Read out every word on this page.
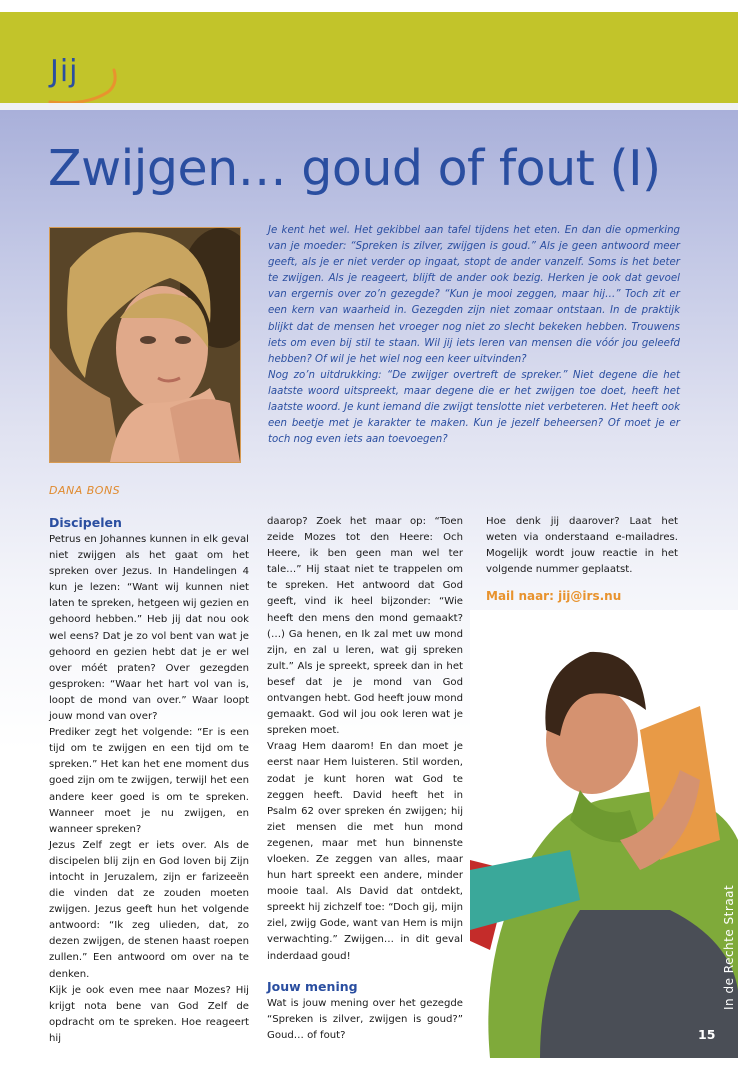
Jij
Zwijgen… goud of fout (I)

Je kent het wel. Het gekibbel aan tafel tijdens het eten. En dan die opmerking van je moeder: “Spreken is zilver, zwijgen is goud.” Als je geen antwoord meer geeft, als je er niet verder op ingaat, stopt de ander vanzelf. Soms is het beter te zwijgen. Als je reageert, blijft de ander ook bezig. Herken je ook dat gevoel van ergernis over zo’n gezegde? “Kun je mooi zeggen, maar hij…” Toch zit er een kern van waarheid in. Gezegden zijn niet zomaar ontstaan. In de praktijk blijkt dat de mensen het vroeger nog niet zo slecht bekeken hebben. Trouwens iets om even bij stil te staan. Wil jij iets leren van mensen die vóór jou geleefd hebben? Of wil je het wiel nog een keer uitvinden?

Nog zo’n uitdrukking: “De zwijger overtreft de spreker.” Niet degene die het laatste woord uitspreekt, maar degene die er het zwijgen toe doet, heeft het laatste woord. Je kunt iemand die zwijgt tenslotte niet verbeteren. Het heeft ook een beetje met je karakter te maken. Kun je jezelf beheersen? Of moet je er toch nog even iets aan toevoegen?

DANA BONS
Discipelen

Petrus en Johannes kunnen in elk geval niet zwijgen als het gaat om het spreken over Jezus. In Handelingen 4 kun je lezen: “Want wij kunnen niet laten te spreken, hetgeen wij gezien en gehoord hebben.” Heb jij dat nou ook wel eens? Dat je zo vol bent van wat je gehoord en gezien hebt dat je er wel over móét praten? Over gezegden gesproken: “Waar het hart vol van is, loopt de mond van over.” Waar loopt jouw mond van over?

Prediker zegt het volgende: “Er is een tijd om te zwijgen en een tijd om te spreken.” Het kan het ene moment dus goed zijn om te zwijgen, terwijl het een andere keer goed is om te spreken. Wanneer moet je nu zwijgen, en wanneer spreken?

Jezus Zelf zegt er iets over. Als de discipelen blij zijn en God loven bij Zijn intocht in Jeruzalem, zijn er farizeeën die vinden dat ze zouden moeten zwijgen. Jezus geeft hun het volgende antwoord: “Ik zeg ulieden, dat, zo dezen zwijgen, de stenen haast roepen zullen.” Een antwoord om over na te denken.

Kijk je ook even mee naar Mozes? Hij krijgt nota bene van God Zelf de opdracht om te spreken. Hoe reageert hij

daarop? Zoek het maar op: “Toen zeide Mozes tot den Heere: Och Heere, ik ben geen man wel ter tale…” Hij staat niet te trappelen om te spreken. Het antwoord dat God geeft, vind ik heel bijzonder: “Wie heeft den mens den mond gemaakt? (…) Ga henen, en Ik zal met uw mond zijn, en zal u leren, wat gij spreken zult.” Als je spreekt, spreek dan in het besef dat je je mond van God ontvangen hebt. God heeft jouw mond gemaakt. God wil jou ook leren wat je spreken moet.

Vraag Hem daarom! En dan moet je eerst naar Hem luisteren. Stil worden, zodat je kunt horen wat God te zeggen heeft. David heeft het in Psalm 62 over spreken én zwijgen; hij ziet mensen die met hun mond zegenen, maar met hun binnenste vloeken. Ze zeggen van alles, maar hun hart spreekt een andere, minder mooie taal. Als David dat ontdekt, spreekt hij zichzelf toe: “Doch gij, mijn ziel, zwijg Gode, want van Hem is mijn verwachting.” Zwijgen… in dit geval inderdaad goud!

Jouw mening

Wat is jouw mening over het gezegde “Spreken is zilver, zwijgen is goud?” Goud… of fout?

Hoe denk jij daarover? Laat het weten via onderstaand e-mailadres. Mogelijk wordt jouw reactie in het volgende nummer geplaatst.

Mail naar: jij@irs.nu
In de Rechte Straat
15
